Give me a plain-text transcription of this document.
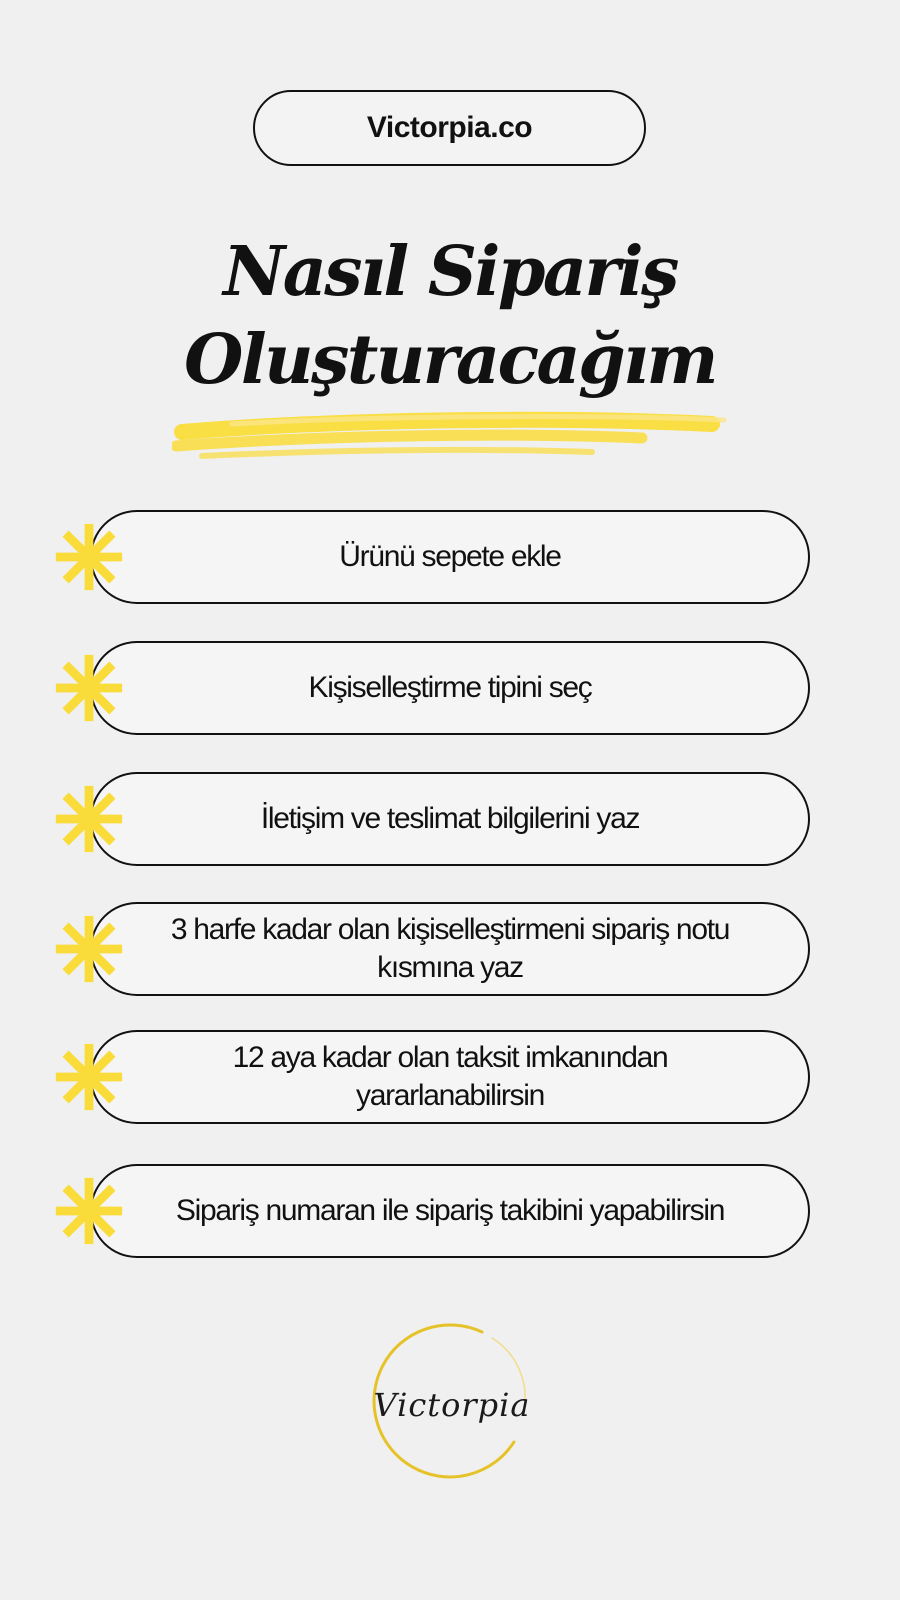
Victorpia.co
Nasıl Sipariş
Oluşturacağım
Ürünü sepete ekle
Kişiselleştirme tipini seç
İletişim ve teslimat bilgilerini yaz
3 harfe kadar olan kişiselleştirmeni sipariş notu kısmına yaz
12 aya kadar olan taksit imkanından yararlanabilirsin
Sipariş numaran ile sipariş takibini yapabilirsin
Victorpia
